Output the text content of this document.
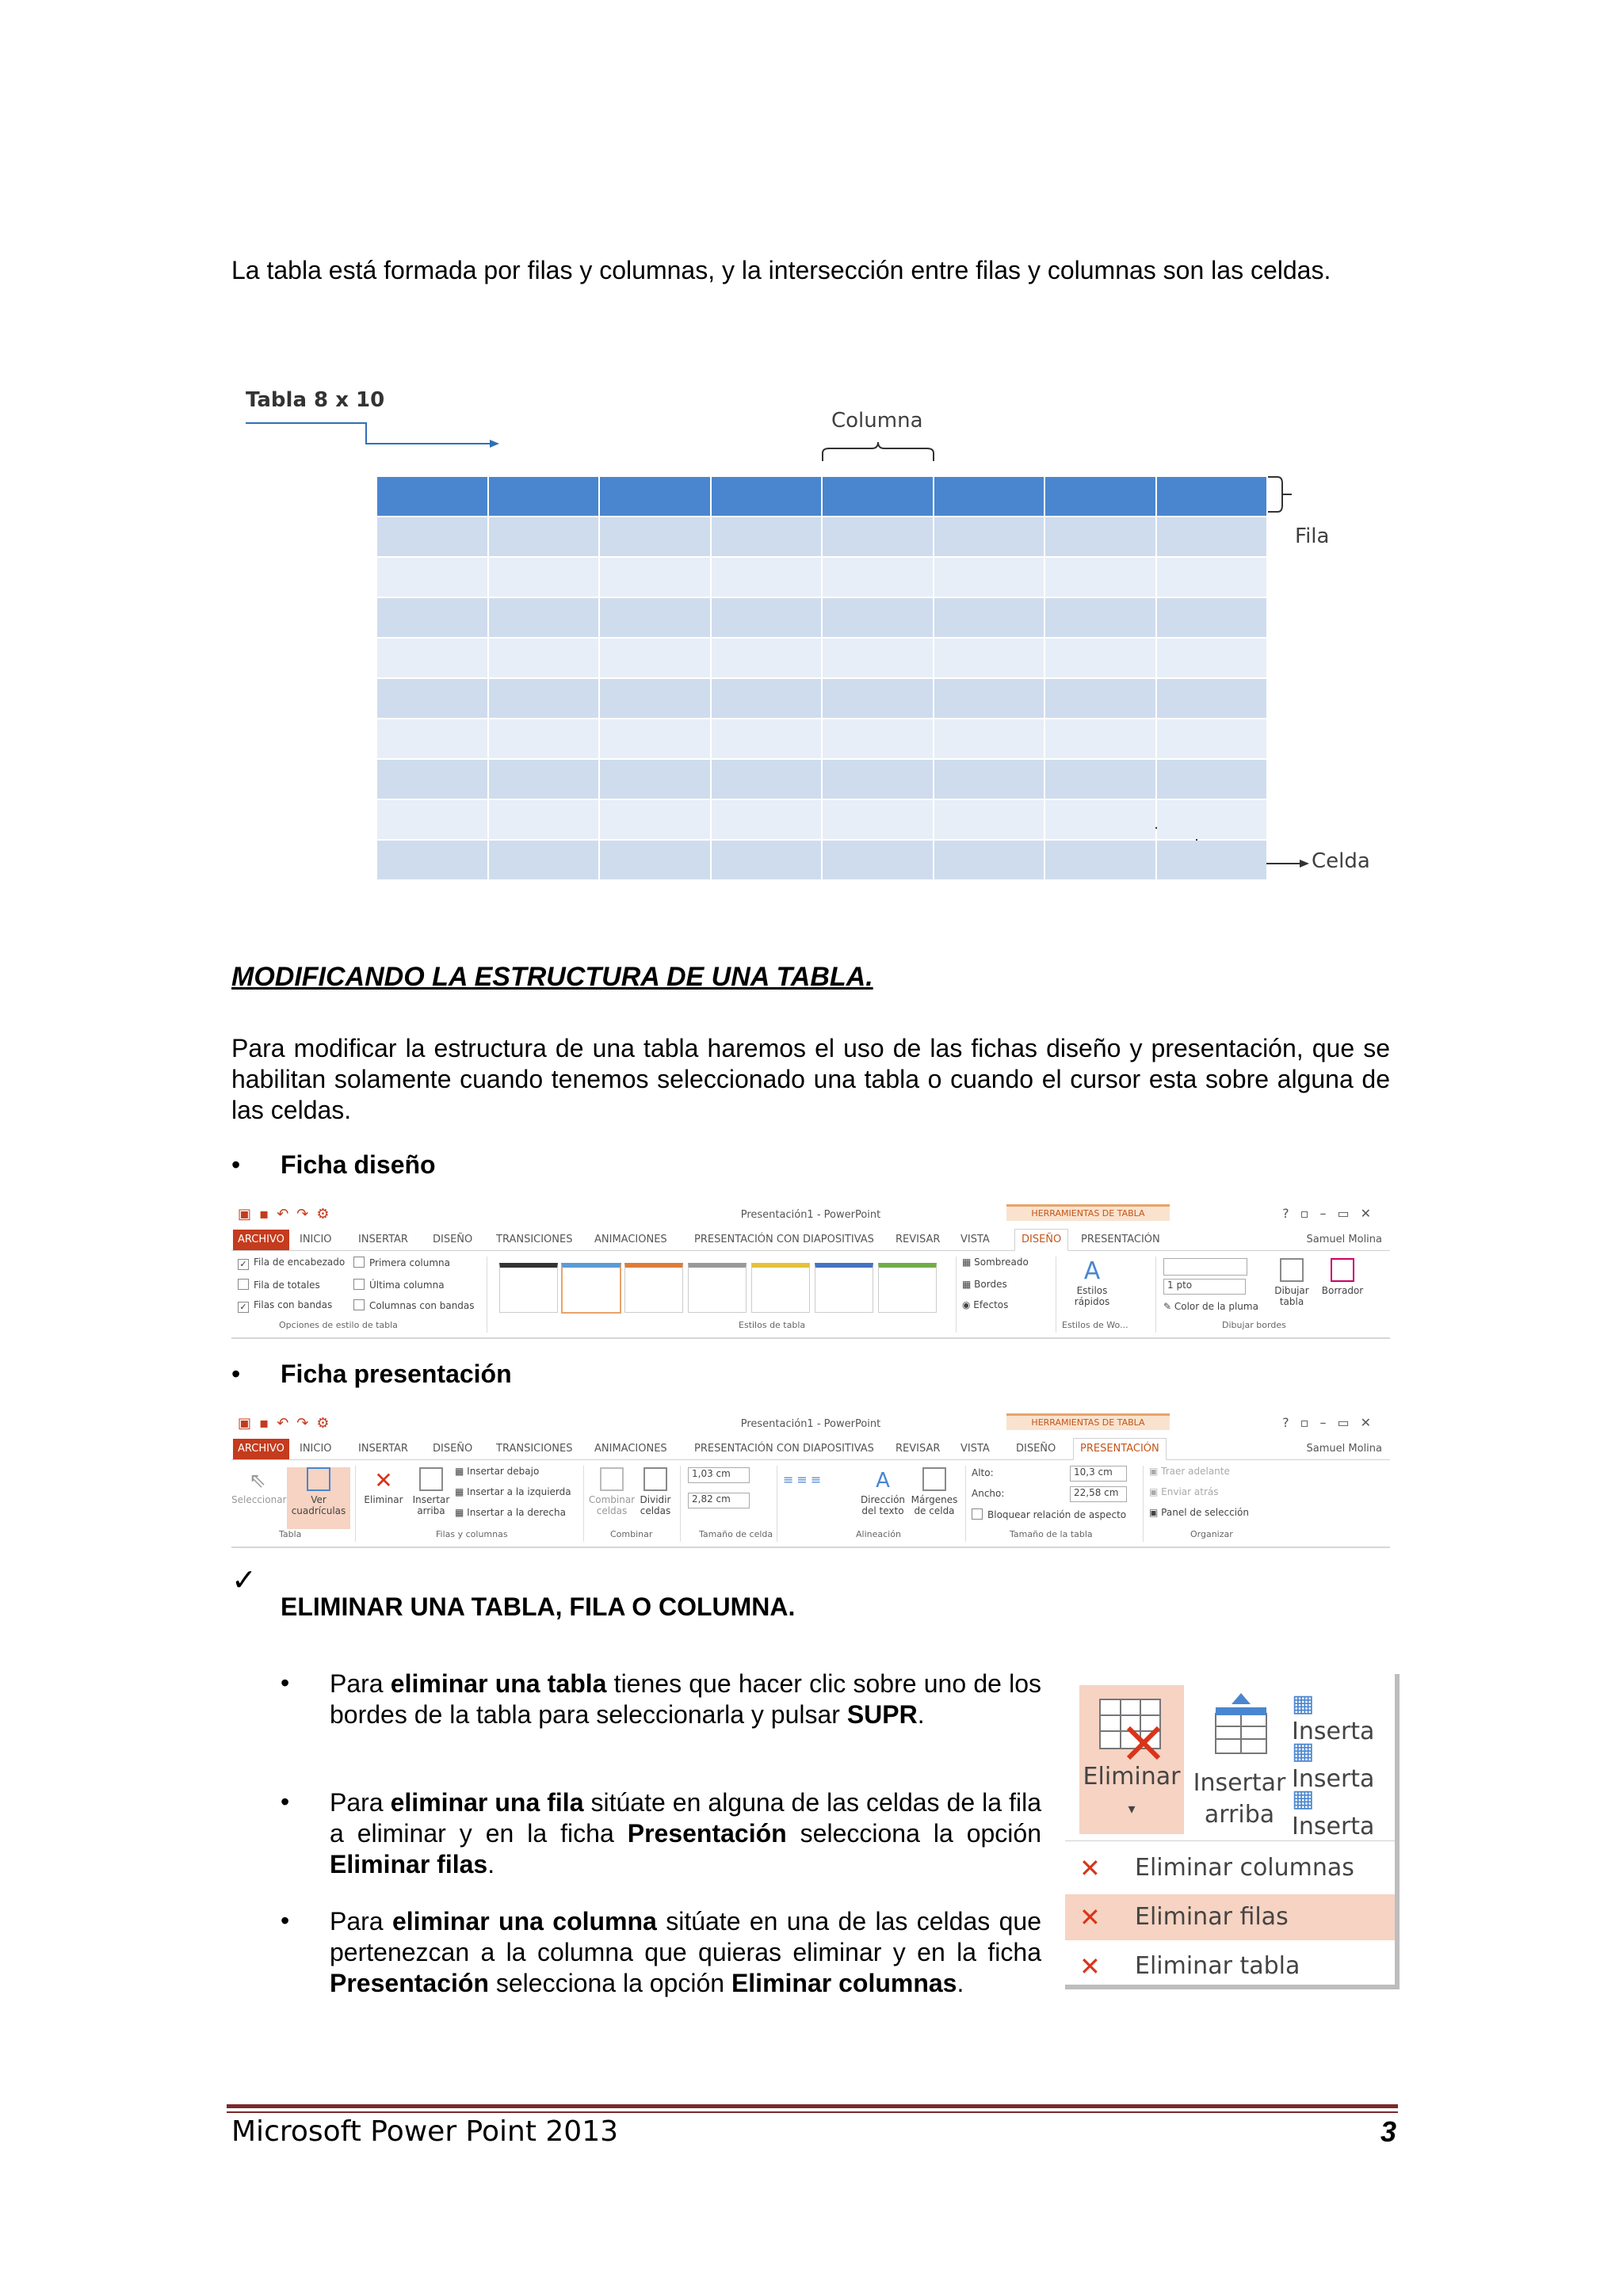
La tabla está formada por filas y columnas, y la intersección entre filas y columnas son las celdas.
Tabla 8 x 10
Columna
Fila
Celda
MODIFICANDO LA ESTRUCTURA DE UNA TABLA.
Para modificar la estructura de una tabla haremos el uso de las fichas diseño y presentación, que se habilitan solamente cuando tenemos seleccionado una tabla o cuando el cursor esta sobre alguna de las celdas.
• Ficha diseño
▣▪↶↷⚙	Presentación1 - PowerPoint	HERRAMIENTAS DE TABLA	?▫–▭✕
ARCHIVO	INICIO	INSERTAR DISEÑO TRANSICIONES ANIMACIONES	PRESENTACIÓN CON DIAPOSITIVAS REVISAR VISTA	DISEÑO	PRESENTACIÓN	Samuel Molina
✓ Fila de encabezado
Fila de totales
✓ Filas con bandas
Primera columna
Última columna
Columnas con bandas
▦ Sombreado
▦ Bordes
◉ Efectos
A
Estilos rápidos
1 pto
✎ Color de la pluma
Dibujar tabla
Borrador
Opciones de estilo de tabla	Estilos de tabla	Estilos de Wo...	Dibujar bordes
• Ficha presentación
▣▪↶↷⚙	Presentación1 - PowerPoint	HERRAMIENTAS DE TABLA	?▫–▭✕
ARCHIVO	INICIO	INSERTAR DISEÑO TRANSICIONES ANIMACIONES	PRESENTACIÓN CON DIAPOSITIVAS REVISAR VISTA	DISEÑO	PRESENTACIÓN	Samuel Molina
⇖
Seleccionar	Ver cuadrículas
✕
Eliminar	Insertar arriba
▦ Insertar debajo
▦ Insertar a la izquierda
▦ Insertar a la derecha
Combinar celdas
Dividir celdas
1,03 cm
2,82 cm
≡≡≡	A
Dirección del texto
Márgenes de celda
Alto:	10,3 cm
Ancho:	22,58 cm
Bloquear relación de aspecto
▣ Traer adelante
▣ Enviar atrás
▣ Panel de selección
Tabla	Filas y columnas	Combinar	Tamaño de celda	Alineación	Tamaño de la tabla	Organizar
✓
ELIMINAR UNA TABLA, FILA O COLUMNA.
• Para eliminar una tabla tienes que hacer clic sobre uno de los bordes de la tabla para seleccionarla y pulsar SUPR.
• Para eliminar una fila sitúate en alguna de las celdas de la fila a eliminar y en la ficha Presentación selecciona la opción Eliminar filas.
• Para eliminar una columna sitúate en una de las celdas que pertenezcan a la columna que quieras eliminar y en la ficha Presentación selecciona la opción Eliminar columnas.
Eliminar
▾
Insertar arriba
▦ Inserta
▦ Inserta
▦ Inserta
✕ Eliminar columnas
✕ Eliminar filas
✕ Eliminar tabla
Microsoft Power Point 2013	3
